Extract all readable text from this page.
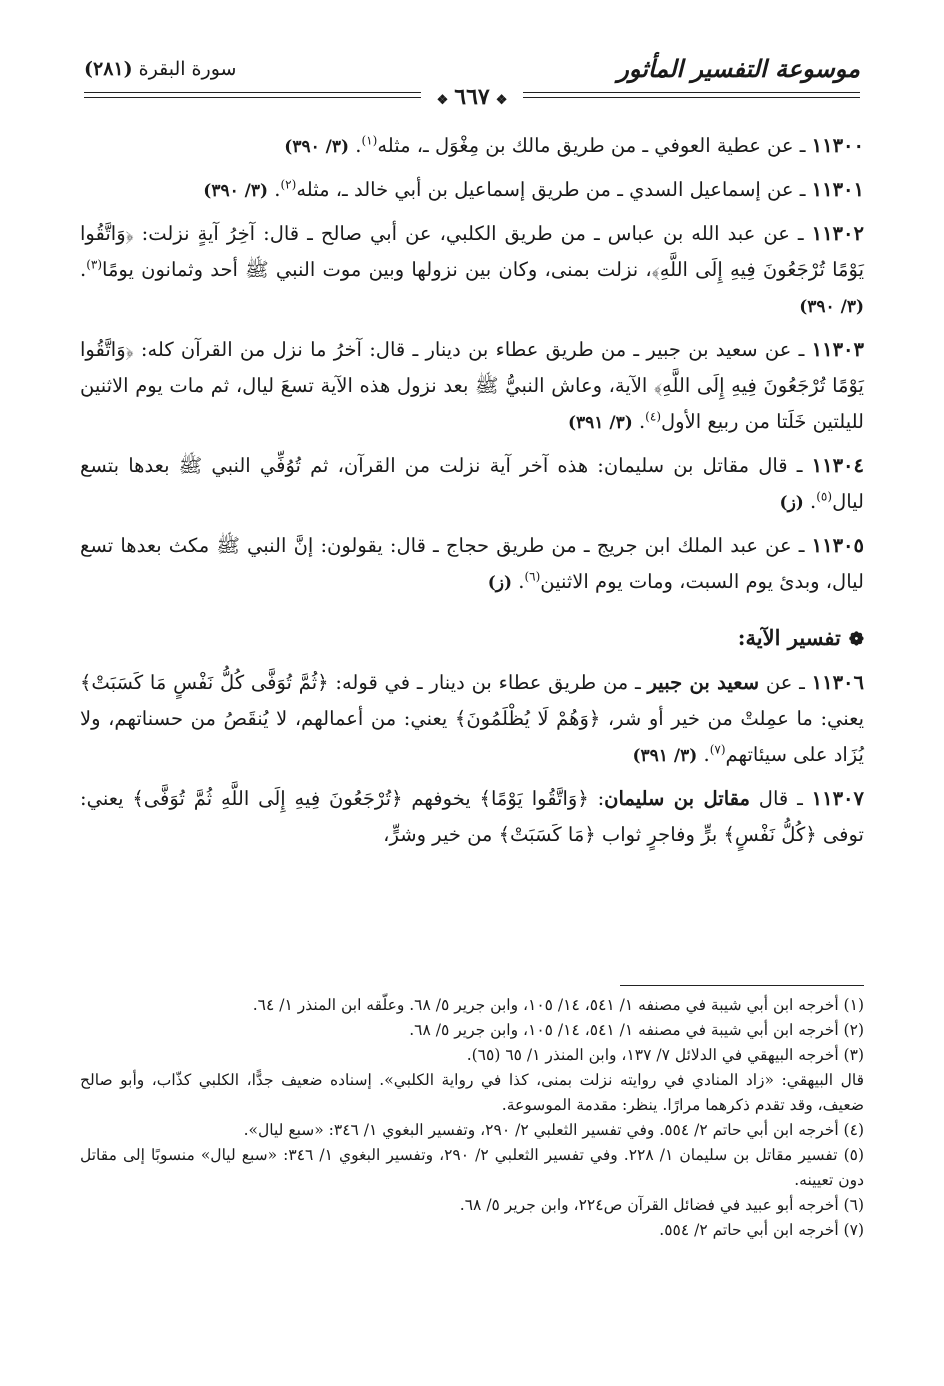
موسوعة التفسير المأثور
سورة البقرة (٢٨١)
❖٦٦٧❖
١١٣٠٠ ـ عن عطية العوفي ـ من طريق مالك بن مِغْوَل ـ، مثله$^{(١)}$. (٣/ ٣٩٠)
١١٣٠١ ـ عن إسماعيل السدي ـ من طريق إسماعيل بن أبي خالد ـ، مثله$^{(٢)}$. (٣/ ٣٩٠)
١١٣٠٢ ـ عن عبد الله بن عباس ـ من طريق الكلبي، عن أبي صالح ـ قال: آخِرُ آيةٍ نزلت: ﴿وَاتَّقُوا يَوْمًا تُرْجَعُونَ فِيهِ إِلَى اللَّهِ﴾، نزلت بمنى، وكان بين نزولها وبين موت النبي ﷺ أحد وثمانون يومًا$^{(٣)}$. (٣/ ٣٩٠)
١١٣٠٣ ـ عن سعيد بن جبير ـ من طريق عطاء بن دينار ـ قال: آخرُ ما نزل من القرآن كله: ﴿وَاتَّقُوا يَوْمًا تُرْجَعُونَ فِيهِ إِلَى اللَّهِ﴾ الآية، وعاش النبيُّ ﷺ بعد نزول هذه الآية تسعَ ليال، ثم مات يوم الاثنين لليلتين خَلَتا من ربيع الأول$^{(٤)}$. (٣/ ٣٩١)
١١٣٠٤ ـ قال مقاتل بن سليمان: هذه آخر آية نزلت من القرآن، ثم تُوُفِّي النبي ﷺ بعدها بتسع ليال$^{(٥)}$. (ز)
١١٣٠٥ ـ عن عبد الملك ابن جريج ـ من طريق حجاج ـ قال: يقولون: إنَّ النبي ﷺ مكث بعدها تسع ليال، وبدئ يوم السبت، ومات يوم الاثنين$^{(٦)}$. (ز)
❁تفسير الآية:
١١٣٠٦ ـ عن سعيد بن جبير ـ من طريق عطاء بن دينار ـ في قوله: ﴿ثُمَّ تُوَفَّى كُلُّ نَفْسٍ مَا كَسَبَتْ﴾ يعني: ما عمِلتْ من خير أو شر، ﴿وَهُمْ لَا يُظْلَمُونَ﴾ يعني: من أعمالهم، لا يُنقَصُ من حسناتهم، ولا يُزَاد على سيئاتهم$^{(٧)}$. (٣/ ٣٩١)
١١٣٠٧ ـ قال مقاتل بن سليمان: ﴿وَاتَّقُوا يَوْمًا﴾ يخوفهم ﴿تُرْجَعُونَ فِيهِ إِلَى اللَّهِ ثُمَّ تُوَفَّى﴾ يعني: توفى ﴿كُلُّ نَفْسٍ﴾ برٍّ وفاجرٍ ثواب ﴿مَا كَسَبَتْ﴾ من خير وشرٍّ،
(١) أخرجه ابن أبي شيبة في مصنفه ١/ ٥٤١، ١٤/ ١٠٥، وابن جرير ٥/ ٦٨. وعلّقه ابن المنذر ١/ ٦٤.
(٢) أخرجه ابن أبي شيبة في مصنفه ١/ ٥٤١، ١٤/ ١٠٥، وابن جرير ٥/ ٦٨.
(٣) أخرجه البيهقي في الدلائل ٧/ ١٣٧، وابن المنذر ١/ ٦٥ (٦٥).
قال البيهقي: «زاد المنادي في روايته نزلت بمنى، كذا في رواية الكلبي». إسناده ضعيف جدًّا، الكلبي كذّاب، وأبو صالح ضعيف، وقد تقدم ذكرهما مرارًا. ينظر: مقدمة الموسوعة.
(٤) أخرجه ابن أبي حاتم ٢/ ٥٥٤. وفي تفسير الثعلبي ٢/ ٢٩٠، وتفسير البغوي ١/ ٣٤٦: «سبع ليال».
(٥) تفسير مقاتل بن سليمان ١/ ٢٢٨. وفي تفسير الثعلبي ٢/ ٢٩٠، وتفسير البغوي ١/ ٣٤٦: «سبع ليال» منسوبًا إلى مقاتل دون تعيينه.
(٦) أخرجه أبو عبيد في فضائل القرآن ص٢٢٤، وابن جرير ٥/ ٦٨.
(٧) أخرجه ابن أبي حاتم ٢/ ٥٥٤.
